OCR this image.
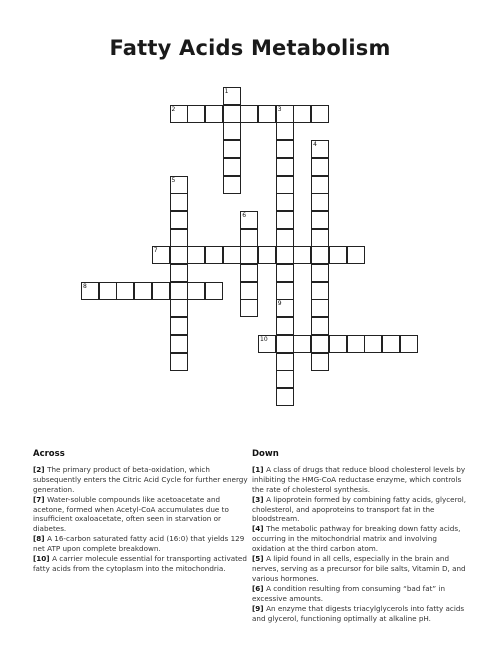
Fatty Acids Metabolism
1
2	3
4
5
6
7
8
9
10
Across
[2] The primary product of beta-oxidation, which subsequently enters the Citric Acid Cycle for further energy generation.
[7] Water-soluble compounds like acetoacetate and acetone, formed when Acetyl-CoA accumulates due to insufficient oxaloacetate, often seen in starvation or diabetes.
[8] A 16-carbon saturated fatty acid (16:0) that yields 129 net ATP upon complete breakdown.
[10] A carrier molecule essential for transporting activated fatty acids from the cytoplasm into the mitochondria.
Down
[1] A class of drugs that reduce blood cholesterol levels by inhibiting the HMG-CoA reductase enzyme, which controls the rate of cholesterol synthesis.
[3] A lipoprotein formed by combining fatty acids, glycerol, cholesterol, and apoproteins to transport fat in the bloodstream.
[4] The metabolic pathway for breaking down fatty acids, occurring in the mitochondrial matrix and involving oxidation at the third carbon atom.
[5] A lipid found in all cells, especially in the brain and nerves, serving as a precursor for bile salts, Vitamin D, and various hormones.
[6] A condition resulting from consuming “bad fat” in excessive amounts.
[9] An enzyme that digests triacylglycerols into fatty acids and glycerol, functioning optimally at alkaline pH.
